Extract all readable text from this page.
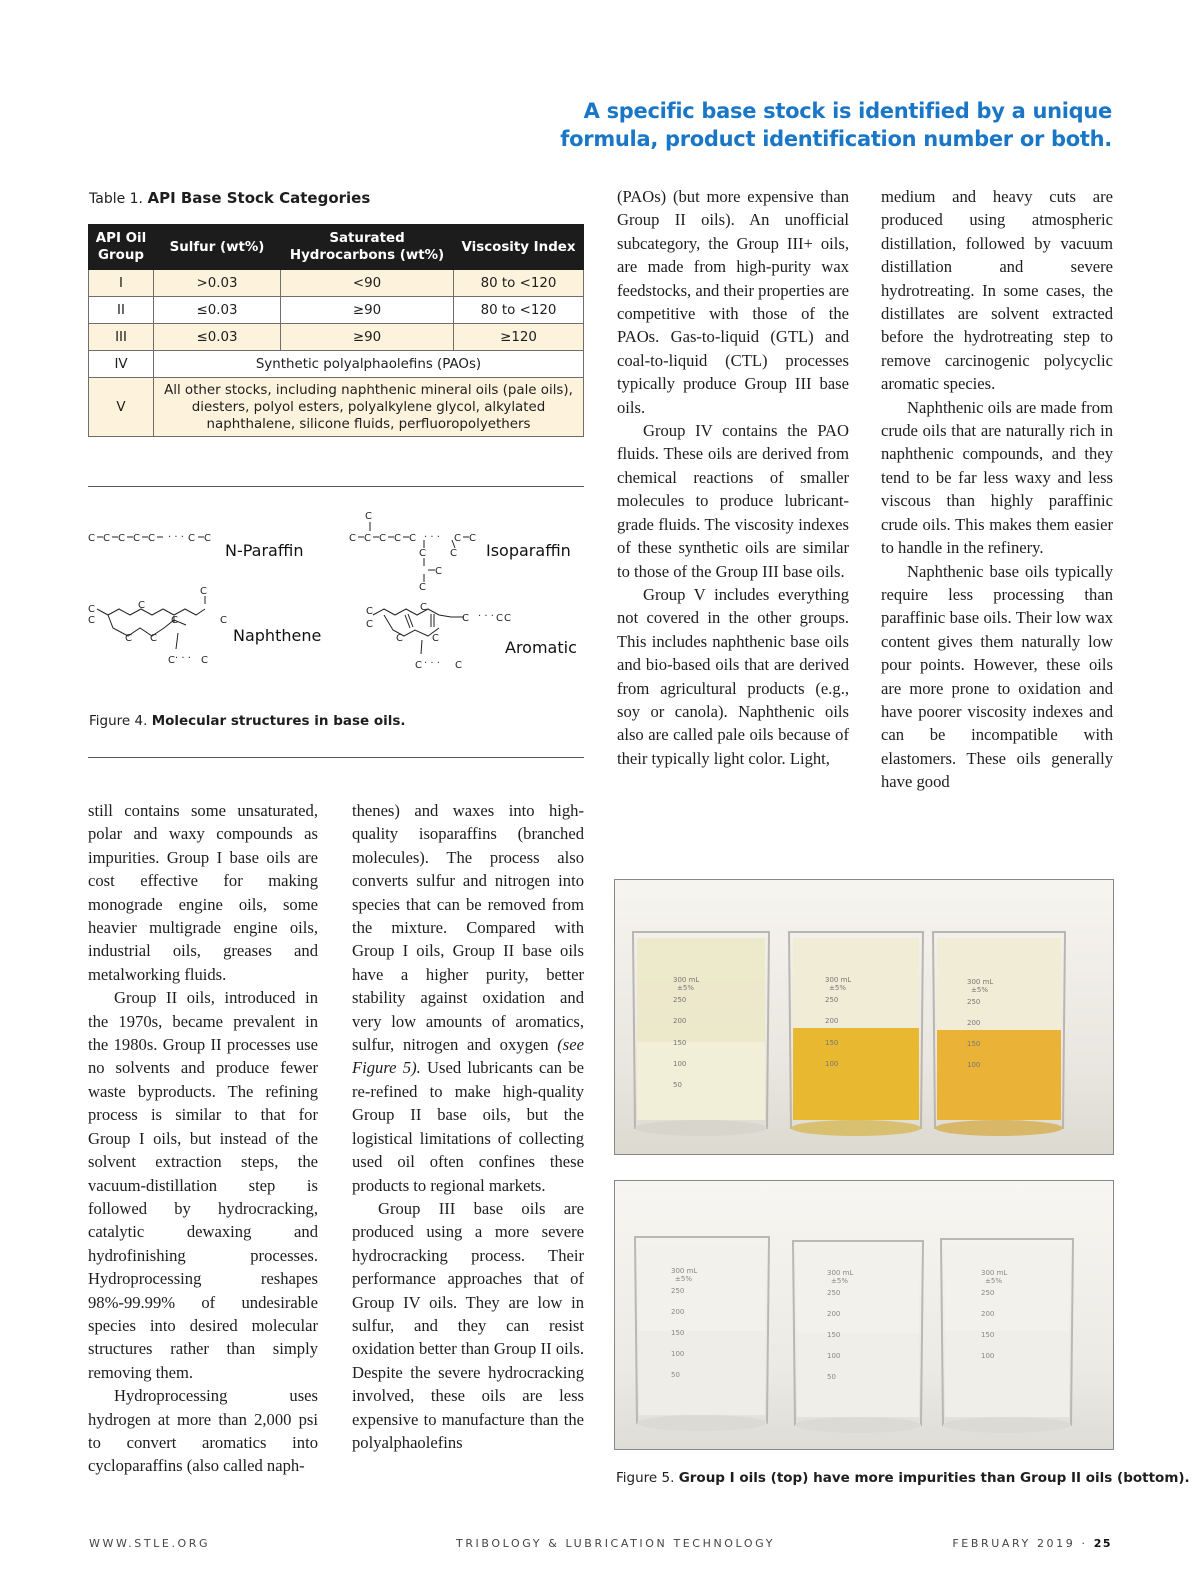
A specific base stock is identified by a unique formula, product identification number or both.
Table 1. API Base Stock Categories
API Oil Group	Sulfur (wt%)	Saturated Hydrocarbons (wt%)	Viscosity Index
I	>0.03	<90	80 to <120
II	≤0.03	≥90	80 to <120
III	≤0.03	≥90	≥120
IV	Synthetic polyalphaolefins (PAOs)		
V	All other stocks, including naphthenic mineral oils (pale oils), diesters, polyol esters, polyalkylene glycol, alkylated naphthalene, silicone fluids, perfluoropolyethers		
C C C C C	C C	C C C C C	C C
C
C C
C
C
C
C
C
C
C
C
C C
C	C
C
C
C
C
C	C
C	C
C C
· · ·	· · ·
· · ·	· · ·
· · ·
N-Paraffin	Isoparaffin
Naphthene
Aromatic
Figure 4. Molecular structures in base oils.

still contains some unsaturated, polar and waxy compounds as impurities. Group I base oils are cost effective for making monograde engine oils, some heavier multigrade engine oils, industrial oils, greases and metalworking fluids.

Group II oils, introduced in the 1970s, became prevalent in the 1980s. Group II processes use no solvents and produce fewer waste byproducts. The refining process is similar to that for Group I oils, but instead of the solvent extraction steps, the vacuum-distillation step is followed by hydrocracking, catalytic dewaxing and hydrofinishing processes. Hydroprocessing reshapes 98%-99.99% of undesirable species into desired molecular structures rather than simply removing them.

Hydroprocessing uses hydrogen at more than 2,000 psi to convert aromatics into cycloparaffins (also called naph-

thenes) and waxes into high-quality isoparaffins (branched molecules). The process also converts sulfur and nitrogen into species that can be removed from the mixture. Compared with Group I oils, Group II base oils have a higher purity, better stability against oxidation and very low amounts of aromatics, sulfur, nitrogen and oxygen (see Figure 5). Used lubricants can be re-refined to make high-quality Group II base oils, but the logistical limitations of collecting used oil often confines these products to regional markets.

Group III base oils are produced using a more severe hydrocracking process. Their performance approaches that of Group IV oils. They are low in sulfur, and they can resist oxidation better than Group II oils. Despite the severe hydrocracking involved, these oils are less expensive to manufacture than the polyalphaolefins

(PAOs) (but more expensive than Group II oils). An unofficial subcategory, the Group III+ oils, are made from high-purity wax feedstocks, and their properties are competitive with those of the PAOs. Gas-to-liquid (GTL) and coal-to-liquid (CTL) processes typically produce Group III base oils.

Group IV contains the PAO fluids. These oils are derived from chemical reactions of smaller molecules to produce lubricant-grade fluids. The viscosity indexes of these synthetic oils are similar to those of the Group III base oils.

Group V includes everything not covered in the other groups. This includes naphthenic base oils and bio-based oils that are derived from agricultural products (e.g., soy or canola). Naphthenic oils also are called pale oils because of their typically light color. Light,

medium and heavy cuts are produced using atmospheric distillation, followed by vacuum distillation and severe hydrotreating. In some cases, the distillates are solvent extracted before the hydrotreating step to remove carcinogenic polycyclic aromatic species.

Naphthenic oils are made from crude oils that are naturally rich in naphthenic compounds, and they tend to be far less waxy and less viscous than highly paraffinic crude oils. This makes them easier to handle in the refinery.

Naphthenic base oils typically require less processing than paraffinic base oils. Their low wax content gives them naturally low pour points. However, these oils are more prone to oxidation and have poorer viscosity indexes and can be incompatible with elastomers. These oils generally have good

300 mL
±5%
250
200
150
100
50
300 mL
±5%
250
200
150
100
300 mL
±5%
250
200
150
100
300 mL
±5%
250
200
150
100
50
300 mL
±5%
250
200
150
100
50
300 mL
±5%
250
200
150
100
Figure 5. Group I oils (top) have more impurities than Group II oils (bottom).
WWW.STLE.ORG	TRIBOLOGY & LUBRICATION TECHNOLOGY	FEBRUARY 2019 · 25
